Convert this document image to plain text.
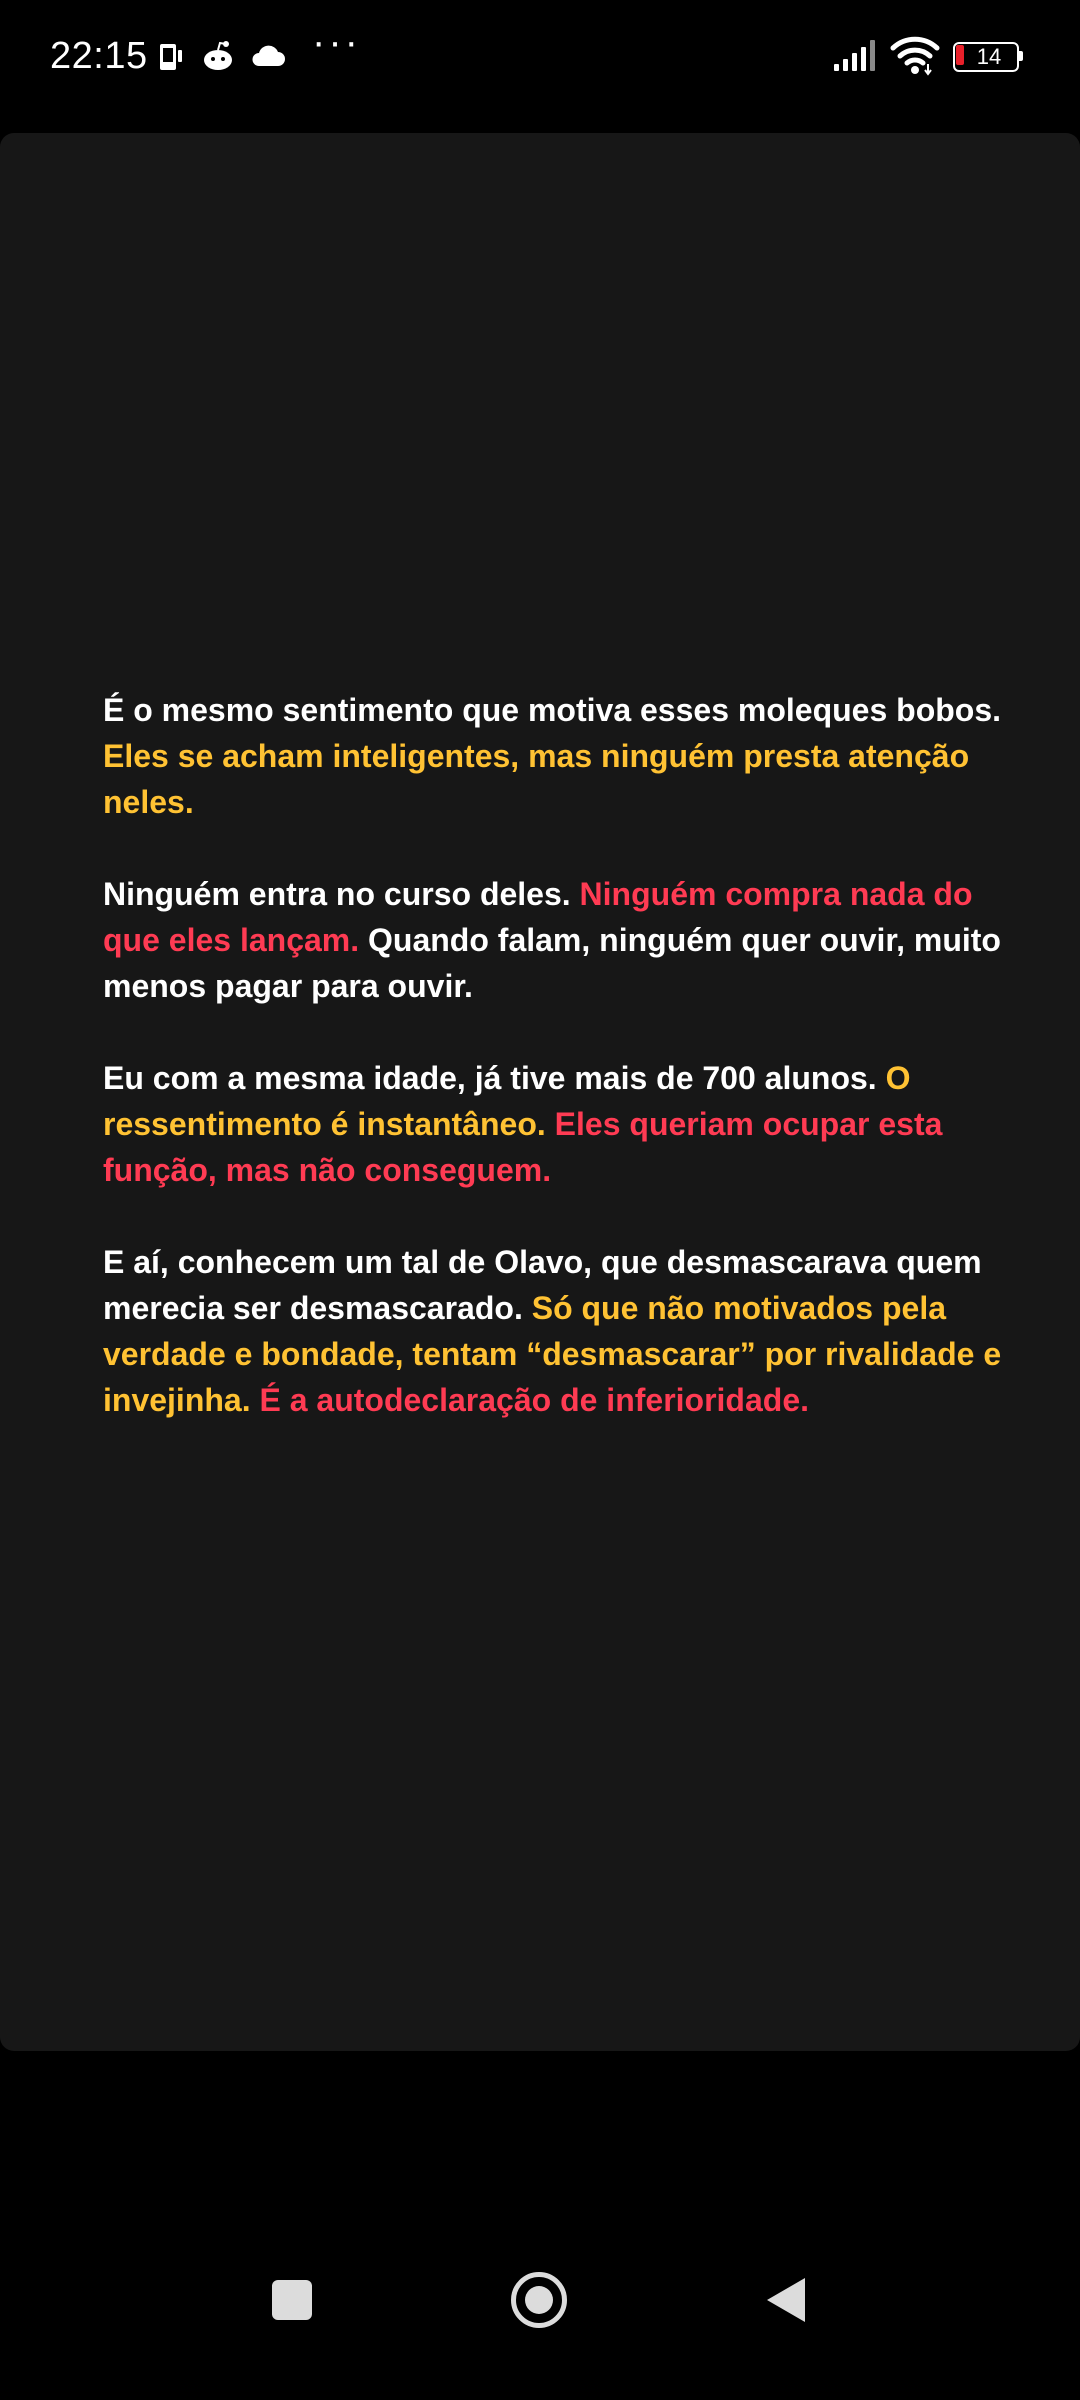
22:15	···	14

É o mesmo sentimento que motiva esses moleques bobos. Eles se acham inteligentes, mas ninguém presta atenção neles.

Ninguém entra no curso deles. Ninguém compra nada do que eles lançam. Quando falam, ninguém quer ouvir, muito menos pagar para ouvir.

Eu com a mesma idade, já tive mais de 700 alunos. O ressentimento é instantâneo. Eles queriam ocupar esta função, mas não conseguem.

E aí, conhecem um tal de Olavo, que desmascarava quem merecia ser desmascarado. Só que não motivados pela verdade e bondade, tentam “desmascarar” por rivalidade e invejinha. É a autodeclaração de inferioridade.
